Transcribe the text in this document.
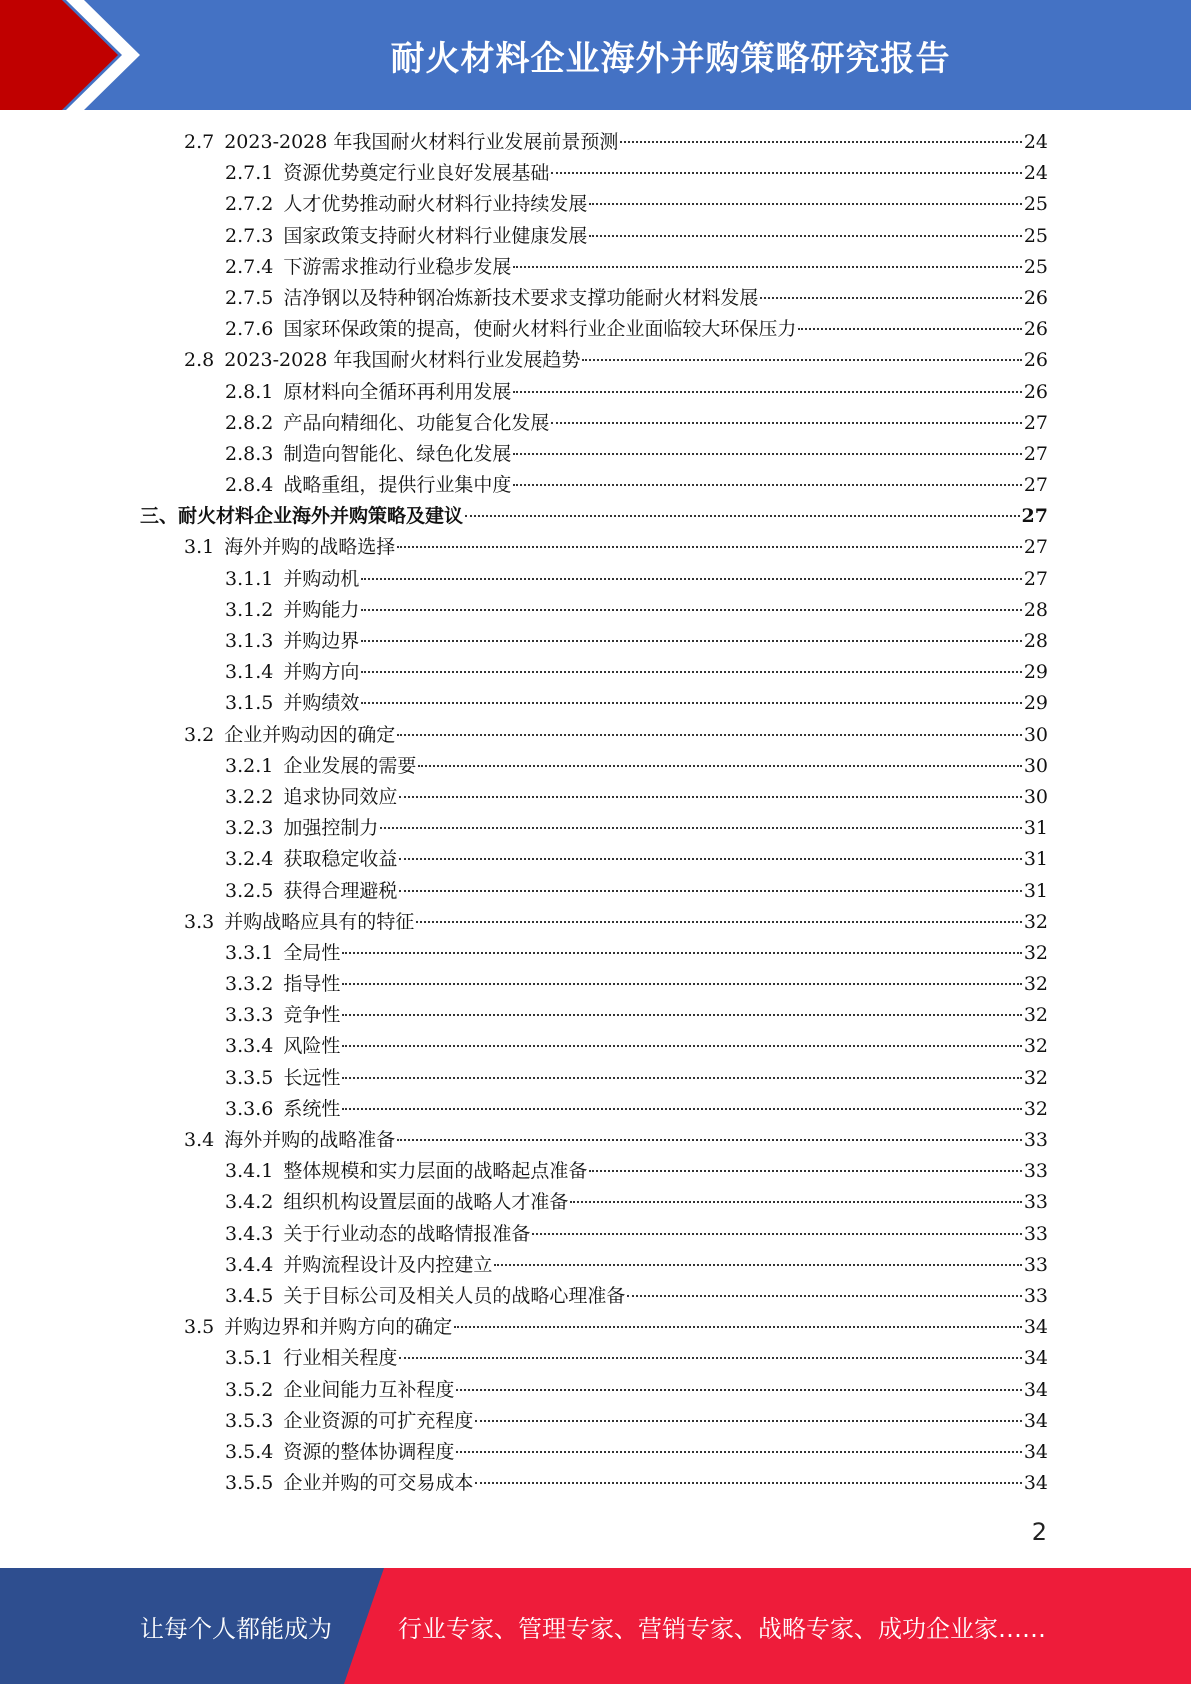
耐火材料企业海外并购策略研究报告
2.7 2023-2028 年我国耐火材料行业发展前景预测	24
2.7.1 资源优势奠定行业良好发展基础	24
2.7.2 人才优势推动耐火材料行业持续发展	25
2.7.3 国家政策支持耐火材料行业健康发展	25
2.7.4 下游需求推动行业稳步发展	25
2.7.5 洁净钢以及特种钢冶炼新技术要求支撑功能耐火材料发展	26
2.7.6 国家环保政策的提高，使耐火材料行业企业面临较大环保压力	26
2.8 2023-2028 年我国耐火材料行业发展趋势	26
2.8.1 原材料向全循环再利用发展	26
2.8.2 产品向精细化、功能复合化发展	27
2.8.3 制造向智能化、绿色化发展	27
2.8.4 战略重组，提供行业集中度	27
三、 耐火材料企业海外并购策略及建议	27
3.1 海外并购的战略选择	27
3.1.1 并购动机	27
3.1.2 并购能力	28
3.1.3 并购边界	28
3.1.4 并购方向	29
3.1.5 并购绩效	29
3.2 企业并购动因的确定	30
3.2.1 企业发展的需要	30
3.2.2 追求协同效应	30
3.2.3 加强控制力	31
3.2.4 获取稳定收益	31
3.2.5 获得合理避税	31
3.3 并购战略应具有的特征	32
3.3.1 全局性	32
3.3.2 指导性	32
3.3.3 竞争性	32
3.3.4 风险性	32
3.3.5 长远性	32
3.3.6 系统性	32
3.4 海外并购的战略准备	33
3.4.1 整体规模和实力层面的战略起点准备	33
3.4.2 组织机构设置层面的战略人才准备	33
3.4.3 关于行业动态的战略情报准备	33
3.4.4 并购流程设计及内控建立	33
3.4.5 关于目标公司及相关人员的战略心理准备	33
3.5 并购边界和并购方向的确定	34
3.5.1 行业相关程度	34
3.5.2 企业间能力互补程度	34
3.5.3 企业资源的可扩充程度	34
3.5.4 资源的整体协调程度	34
3.5.5 企业并购的可交易成本	34
2
让每个人都能成为	行业专家、管理专家、营销专家、战略专家、成功企业家……
